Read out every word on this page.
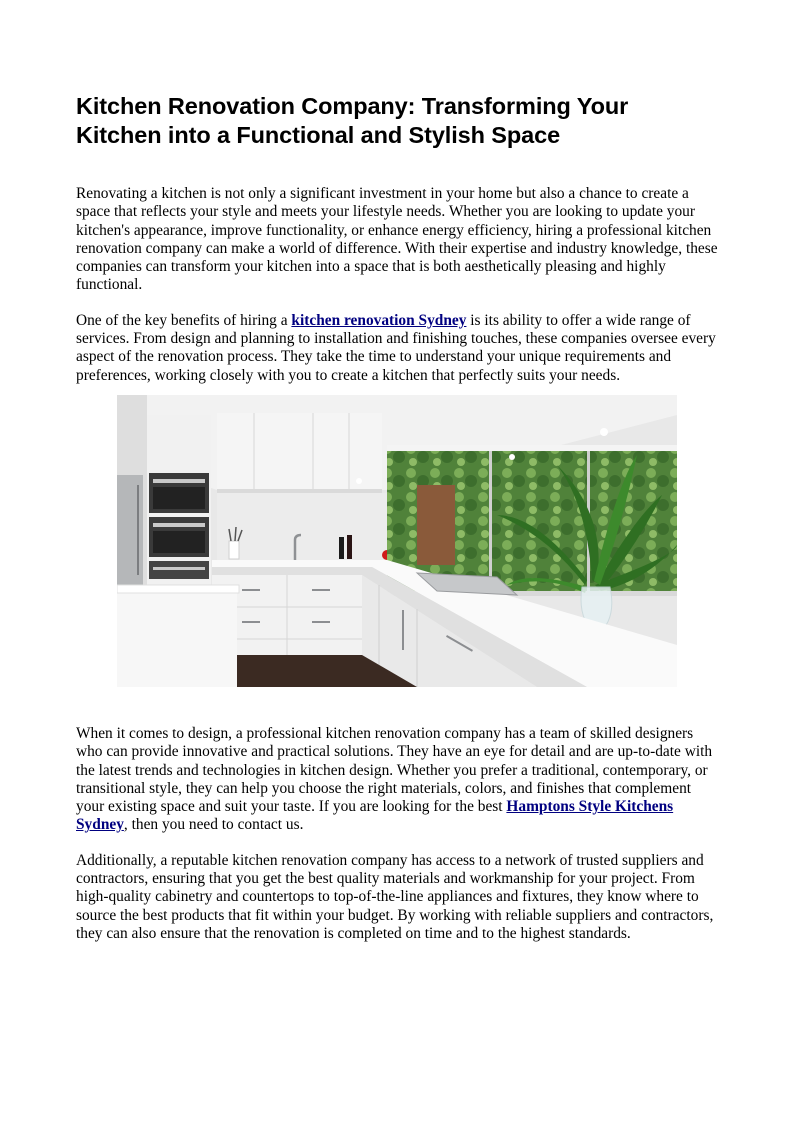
Kitchen Renovation Company: Transforming Your Kitchen into a Functional and Stylish Space

Renovating a kitchen is not only a significant investment in your home but also a chance to create a space that reflects your style and meets your lifestyle needs. Whether you are looking to update your kitchen's appearance, improve functionality, or enhance energy efficiency, hiring a professional kitchen renovation company can make a world of difference. With their expertise and industry knowledge, these companies can transform your kitchen into a space that is both aesthetically pleasing and highly functional.

One of the key benefits of hiring a kitchen renovation Sydney is its ability to offer a wide range of services. From design and planning to installation and finishing touches, these companies oversee every aspect of the renovation process. They take the time to understand your unique requirements and preferences, working closely with you to create a kitchen that perfectly suits your needs.

When it comes to design, a professional kitchen renovation company has a team of skilled designers who can provide innovative and practical solutions. They have an eye for detail and are up-to-date with the latest trends and technologies in kitchen design. Whether you prefer a traditional, contemporary, or transitional style, they can help you choose the right materials, colors, and finishes that complement your existing space and suit your taste. If you are looking for the best Hamptons Style Kitchens Sydney, then you need to contact us.

Additionally, a reputable kitchen renovation company has access to a network of trusted suppliers and contractors, ensuring that you get the best quality materials and workmanship for your project. From high-quality cabinetry and countertops to top-of-the-line appliances and fixtures, they know where to source the best products that fit within your budget. By working with reliable suppliers and contractors, they can also ensure that the renovation is completed on time and to the highest standards.
